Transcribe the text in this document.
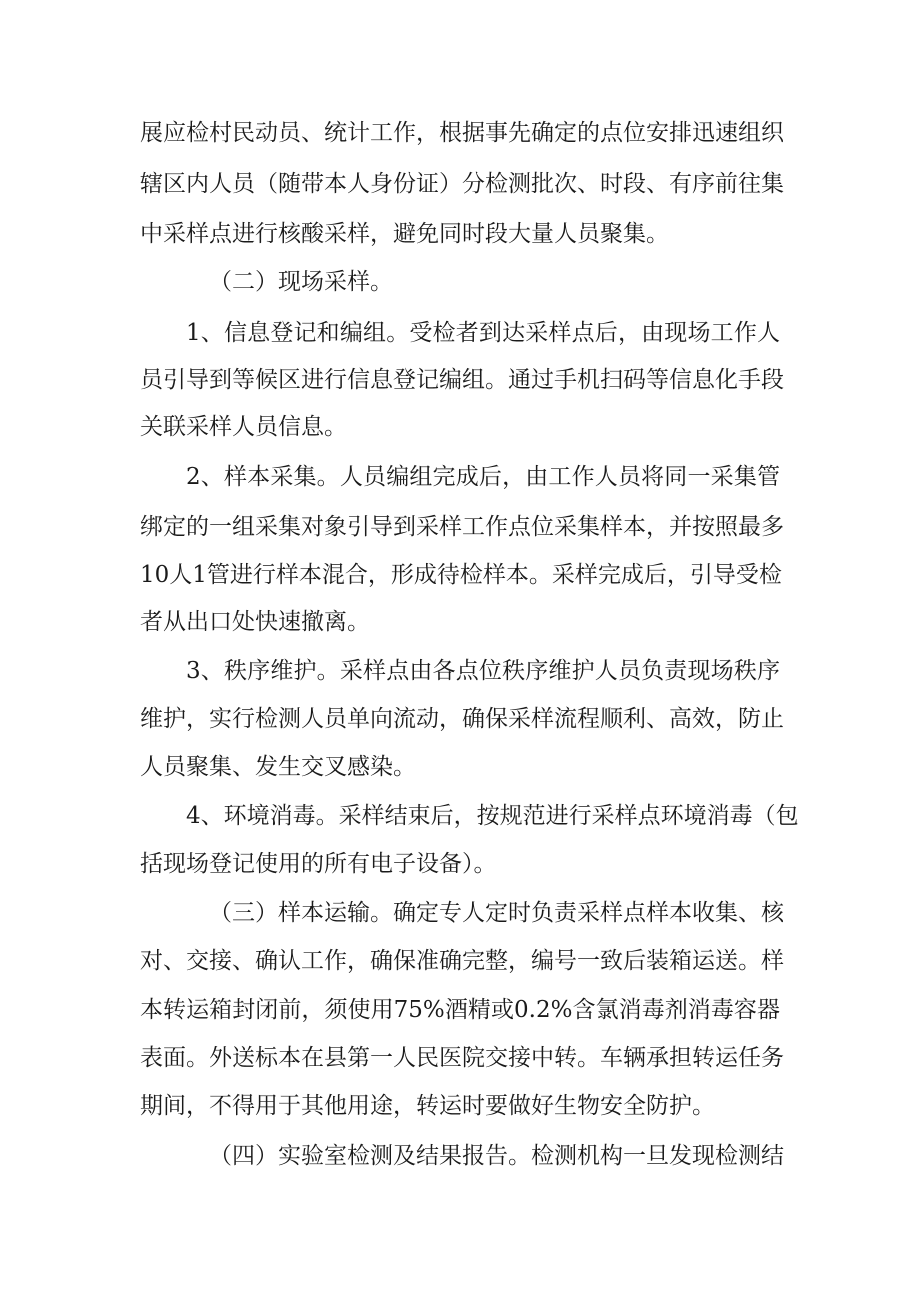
展应检村民动员、统计工作，根据事先确定的点位安排迅速组织
辖区内人员（随带本人身份证）分检测批次、时段、有序前往集
中采样点进行核酸采样，避免同时段大量人员聚集。
（二）现场采样。
1、信息登记和编组。受检者到达采样点后，由现场工作人
员引导到等候区进行信息登记编组。通过手机扫码等信息化手段
关联采样人员信息。
2、样本采集。人员编组完成后，由工作人员将同一采集管
绑定的一组采集对象引导到采样工作点位采集样本，并按照最多
10人1管进行样本混合，形成待检样本。采样完成后，引导受检
者从出口处快速撤离。
3、秩序维护。采样点由各点位秩序维护人员负责现场秩序
维护，实行检测人员单向流动，确保采样流程顺利、高效，防止
人员聚集、发生交叉感染。
4、环境消毒。采样结束后，按规范进行采样点环境消毒（包
括现场登记使用的所有电子设备）。
（三）样本运输。确定专人定时负责采样点样本收集、核
对、交接、确认工作，确保准确完整，编号一致后装箱运送。样
本转运箱封闭前，须使用75%酒精或0.2%含氯消毒剂消毒容器
表面。外送标本在县第一人民医院交接中转。车辆承担转运任务
期间，不得用于其他用途，转运时要做好生物安全防护。
（四）实验室检测及结果报告。检测机构一旦发现检测结
